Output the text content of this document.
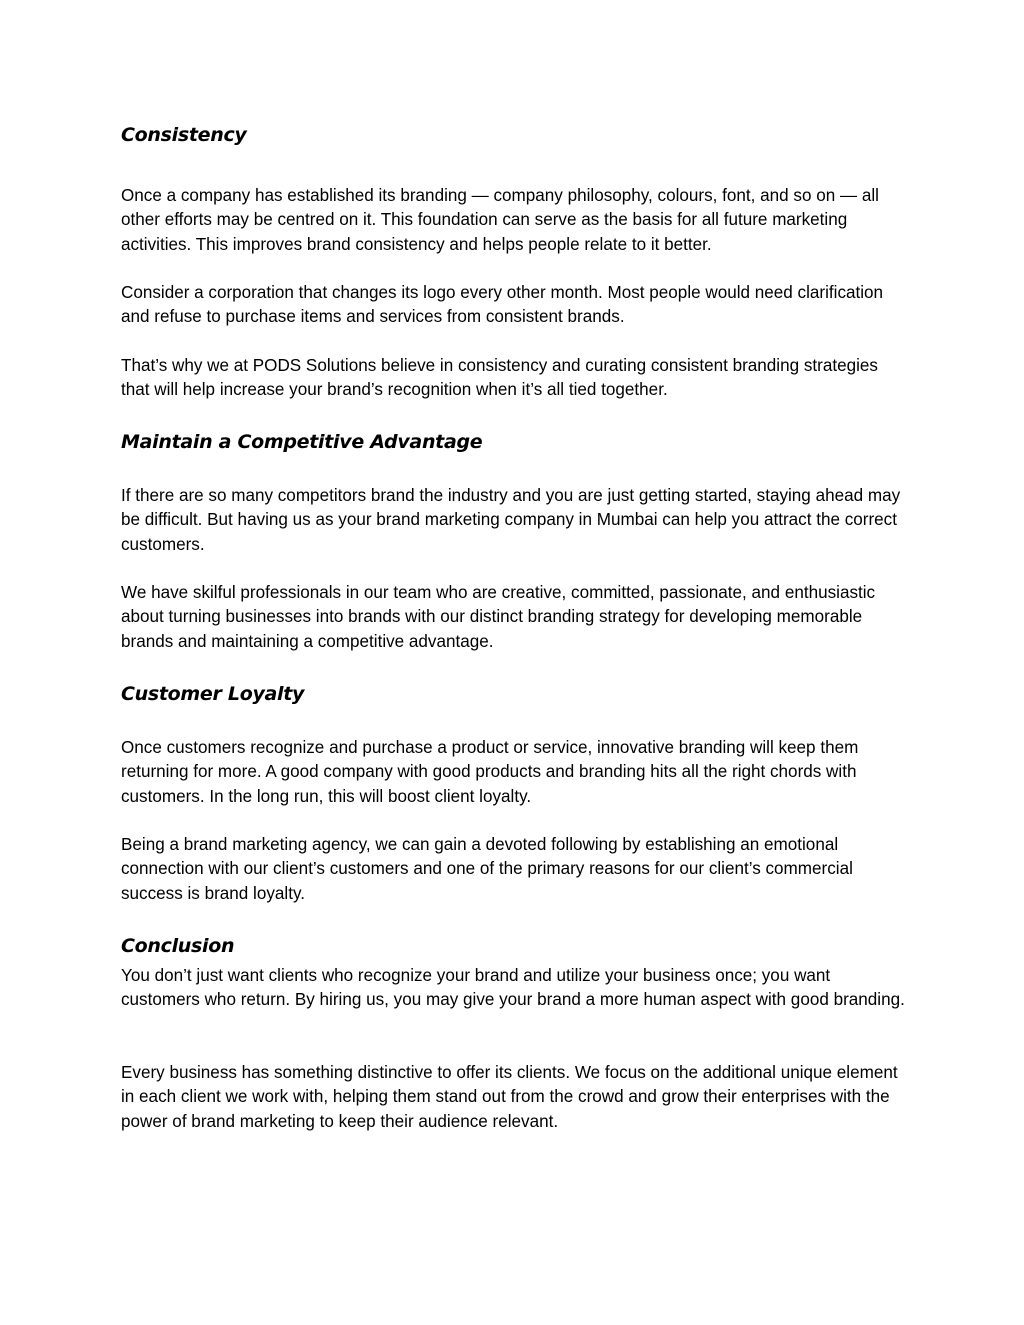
Consistency

Once a company has established its branding — company philosophy, colours, font, and so on — all other efforts may be centred on it. This foundation can serve as the basis for all future marketing activities. This improves brand consistency and helps people relate to it better.

Consider a corporation that changes its logo every other month. Most people would need clarification and refuse to purchase items and services from consistent brands.

That’s why we at PODS Solutions believe in consistency and curating consistent branding strategies that will help increase your brand’s recognition when it’s all tied together.

Maintain a Competitive Advantage

If there are so many competitors brand the industry and you are just getting started, staying ahead may be difficult. But having us as your brand marketing company in Mumbai can help you attract the correct customers.

We have skilful professionals in our team who are creative, committed, passionate, and enthusiastic about turning businesses into brands with our distinct branding strategy for developing memorable brands and maintaining a competitive advantage.

Customer Loyalty

Once customers recognize and purchase a product or service, innovative branding will keep them returning for more. A good company with good products and branding hits all the right chords with customers. In the long run, this will boost client loyalty.

Being a brand marketing agency, we can gain a devoted following by establishing an emotional connection with our client’s customers and one of the primary reasons for our client’s commercial success is brand loyalty.

Conclusion

You don’t just want clients who recognize your brand and utilize your business once; you want customers who return. By hiring us, you may give your brand a more human aspect with good branding.

Every business has something distinctive to offer its clients. We focus on the additional unique element in each client we work with, helping them stand out from the crowd and grow their enterprises with the power of brand marketing to keep their audience relevant.
